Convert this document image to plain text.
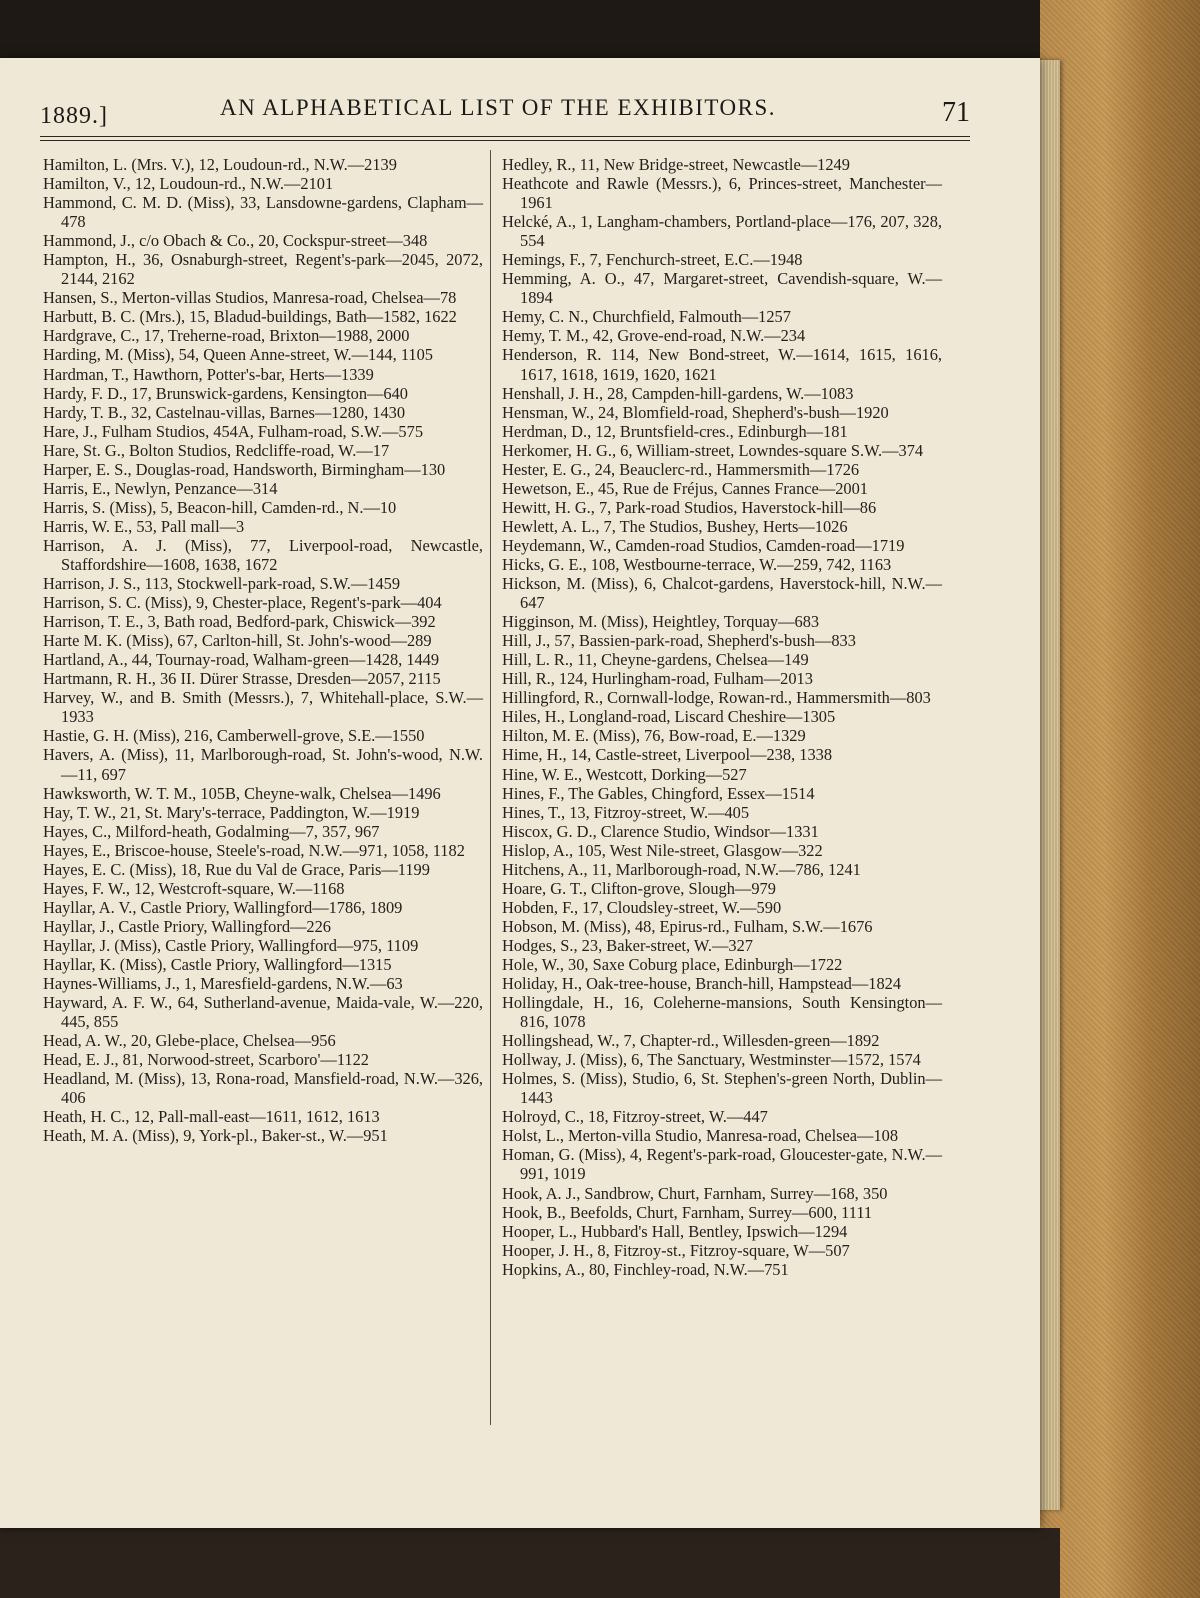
1889.]	AN ALPHABETICAL LIST OF THE EXHIBITORS.	71
Hamilton, L. (Mrs. V.), 12, Loudoun-rd., N.W.—2139
Hamilton, V., 12, Loudoun-rd., N.W.—2101
Hammond, C. M. D. (Miss), 33, Lansdowne-gardens, Clapham—478
Hammond, J., c/o Obach & Co., 20, Cockspur-street—348
Hampton, H., 36, Osnaburgh-street, Regent's-park—2045, 2072, 2144, 2162
Hansen, S., Merton-villas Studios, Manresa-road, Chelsea—78
Harbutt, B. C. (Mrs.), 15, Bladud-buildings, Bath—1582, 1622
Hardgrave, C., 17, Treherne-road, Brixton—1988, 2000
Harding, M. (Miss), 54, Queen Anne-street, W.—144, 1105
Hardman, T., Hawthorn, Potter's-bar, Herts—1339
Hardy, F. D., 17, Brunswick-gardens, Kensington—640
Hardy, T. B., 32, Castelnau-villas, Barnes—1280, 1430
Hare, J., Fulham Studios, 454A, Fulham-road, S.W.—575
Hare, St. G., Bolton Studios, Redcliffe-road, W.—17
Harper, E. S., Douglas-road, Handsworth, Birmingham—130
Harris, E., Newlyn, Penzance—314
Harris, S. (Miss), 5, Beacon-hill, Camden-rd., N.—10
Harris, W. E., 53, Pall mall—3
Harrison, A. J. (Miss), 77, Liverpool-road, Newcastle, Staffordshire—1608, 1638, 1672
Harrison, J. S., 113, Stockwell-park-road, S.W.—1459
Harrison, S. C. (Miss), 9, Chester-place, Regent's-park—404
Harrison, T. E., 3, Bath road, Bedford-park, Chiswick—392
Harte M. K. (Miss), 67, Carlton-hill, St. John's-wood—289
Hartland, A., 44, Tournay-road, Walham-green—1428, 1449
Hartmann, R. H., 36 II. Dürer Strasse, Dresden—2057, 2115
Harvey, W., and B. Smith (Messrs.), 7, Whitehall-place, S.W.—1933
Hastie, G. H. (Miss), 216, Camberwell-grove, S.E.—1550
Havers, A. (Miss), 11, Marlborough-road, St. John's-wood, N.W.—11, 697
Hawksworth, W. T. M., 105B, Cheyne-walk, Chelsea—1496
Hay, T. W., 21, St. Mary's-terrace, Paddington, W.—1919
Hayes, C., Milford-heath, Godalming—7, 357, 967
Hayes, E., Briscoe-house, Steele's-road, N.W.—971, 1058, 1182
Hayes, E. C. (Miss), 18, Rue du Val de Grace, Paris—1199
Hayes, F. W., 12, Westcroft-square, W.—1168
Hayllar, A. V., Castle Priory, Wallingford—1786, 1809
Hayllar, J., Castle Priory, Wallingford—226
Hayllar, J. (Miss), Castle Priory, Wallingford—975, 1109
Hayllar, K. (Miss), Castle Priory, Wallingford—1315
Haynes-Williams, J., 1, Maresfield-gardens, N.W.—63
Hayward, A. F. W., 64, Sutherland-avenue, Maida-vale, W.—220, 445, 855
Head, A. W., 20, Glebe-place, Chelsea—956
Head, E. J., 81, Norwood-street, Scarboro'—1122
Headland, M. (Miss), 13, Rona-road, Mansfield-road, N.W.—326, 406
Heath, H. C., 12, Pall-mall-east—1611, 1612, 1613
Heath, M. A. (Miss), 9, York-pl., Baker-st., W.—951
Hedley, R., 11, New Bridge-street, Newcastle—1249
Heathcote and Rawle (Messrs.), 6, Princes-street, Manchester—1961
Helcké, A., 1, Langham-chambers, Portland-place—176, 207, 328, 554
Hemings, F., 7, Fenchurch-street, E.C.—1948
Hemming, A. O., 47, Margaret-street, Cavendish-square, W.—1894
Hemy, C. N., Churchfield, Falmouth—1257
Hemy, T. M., 42, Grove-end-road, N.W.—234
Henderson, R. 114, New Bond-street, W.—1614, 1615, 1616, 1617, 1618, 1619, 1620, 1621
Henshall, J. H., 28, Campden-hill-gardens, W.—1083
Hensman, W., 24, Blomfield-road, Shepherd's-bush—1920
Herdman, D., 12, Bruntsfield-cres., Edinburgh—181
Herkomer, H. G., 6, William-street, Lowndes-square S.W.—374
Hester, E. G., 24, Beauclerc-rd., Hammersmith—1726
Hewetson, E., 45, Rue de Fréjus, Cannes France—2001
Hewitt, H. G., 7, Park-road Studios, Haverstock-hill—86
Hewlett, A. L., 7, The Studios, Bushey, Herts—1026
Heydemann, W., Camden-road Studios, Camden-road—1719
Hicks, G. E., 108, Westbourne-terrace, W.—259, 742, 1163
Hickson, M. (Miss), 6, Chalcot-gardens, Haverstock-hill, N.W.—647
Higginson, M. (Miss), Heightley, Torquay—683
Hill, J., 57, Bassien-park-road, Shepherd's-bush—833
Hill, L. R., 11, Cheyne-gardens, Chelsea—149
Hill, R., 124, Hurlingham-road, Fulham—2013
Hillingford, R., Cornwall-lodge, Rowan-rd., Hammersmith—803
Hiles, H., Longland-road, Liscard Cheshire—1305
Hilton, M. E. (Miss), 76, Bow-road, E.—1329
Hime, H., 14, Castle-street, Liverpool—238, 1338
Hine, W. E., Westcott, Dorking—527
Hines, F., The Gables, Chingford, Essex—1514
Hines, T., 13, Fitzroy-street, W.—405
Hiscox, G. D., Clarence Studio, Windsor—1331
Hislop, A., 105, West Nile-street, Glasgow—322
Hitchens, A., 11, Marlborough-road, N.W.—786, 1241
Hoare, G. T., Clifton-grove, Slough—979
Hobden, F., 17, Cloudsley-street, W.—590
Hobson, M. (Miss), 48, Epirus-rd., Fulham, S.W.—1676
Hodges, S., 23, Baker-street, W.—327
Hole, W., 30, Saxe Coburg place, Edinburgh—1722
Holiday, H., Oak-tree-house, Branch-hill, Hampstead—1824
Hollingdale, H., 16, Coleherne-mansions, South Kensington—816, 1078
Hollingshead, W., 7, Chapter-rd., Willesden-green—1892
Hollway, J. (Miss), 6, The Sanctuary, Westminster—1572, 1574
Holmes, S. (Miss), Studio, 6, St. Stephen's-green North, Dublin—1443
Holroyd, C., 18, Fitzroy-street, W.—447
Holst, L., Merton-villa Studio, Manresa-road, Chelsea—108
Homan, G. (Miss), 4, Regent's-park-road, Gloucester-gate, N.W.—991, 1019
Hook, A. J., Sandbrow, Churt, Farnham, Surrey—168, 350
Hook, B., Beefolds, Churt, Farnham, Surrey—600, 1111
Hooper, L., Hubbard's Hall, Bentley, Ipswich—1294
Hooper, J. H., 8, Fitzroy-st., Fitzroy-square, W—507
Hopkins, A., 80, Finchley-road, N.W.—751
